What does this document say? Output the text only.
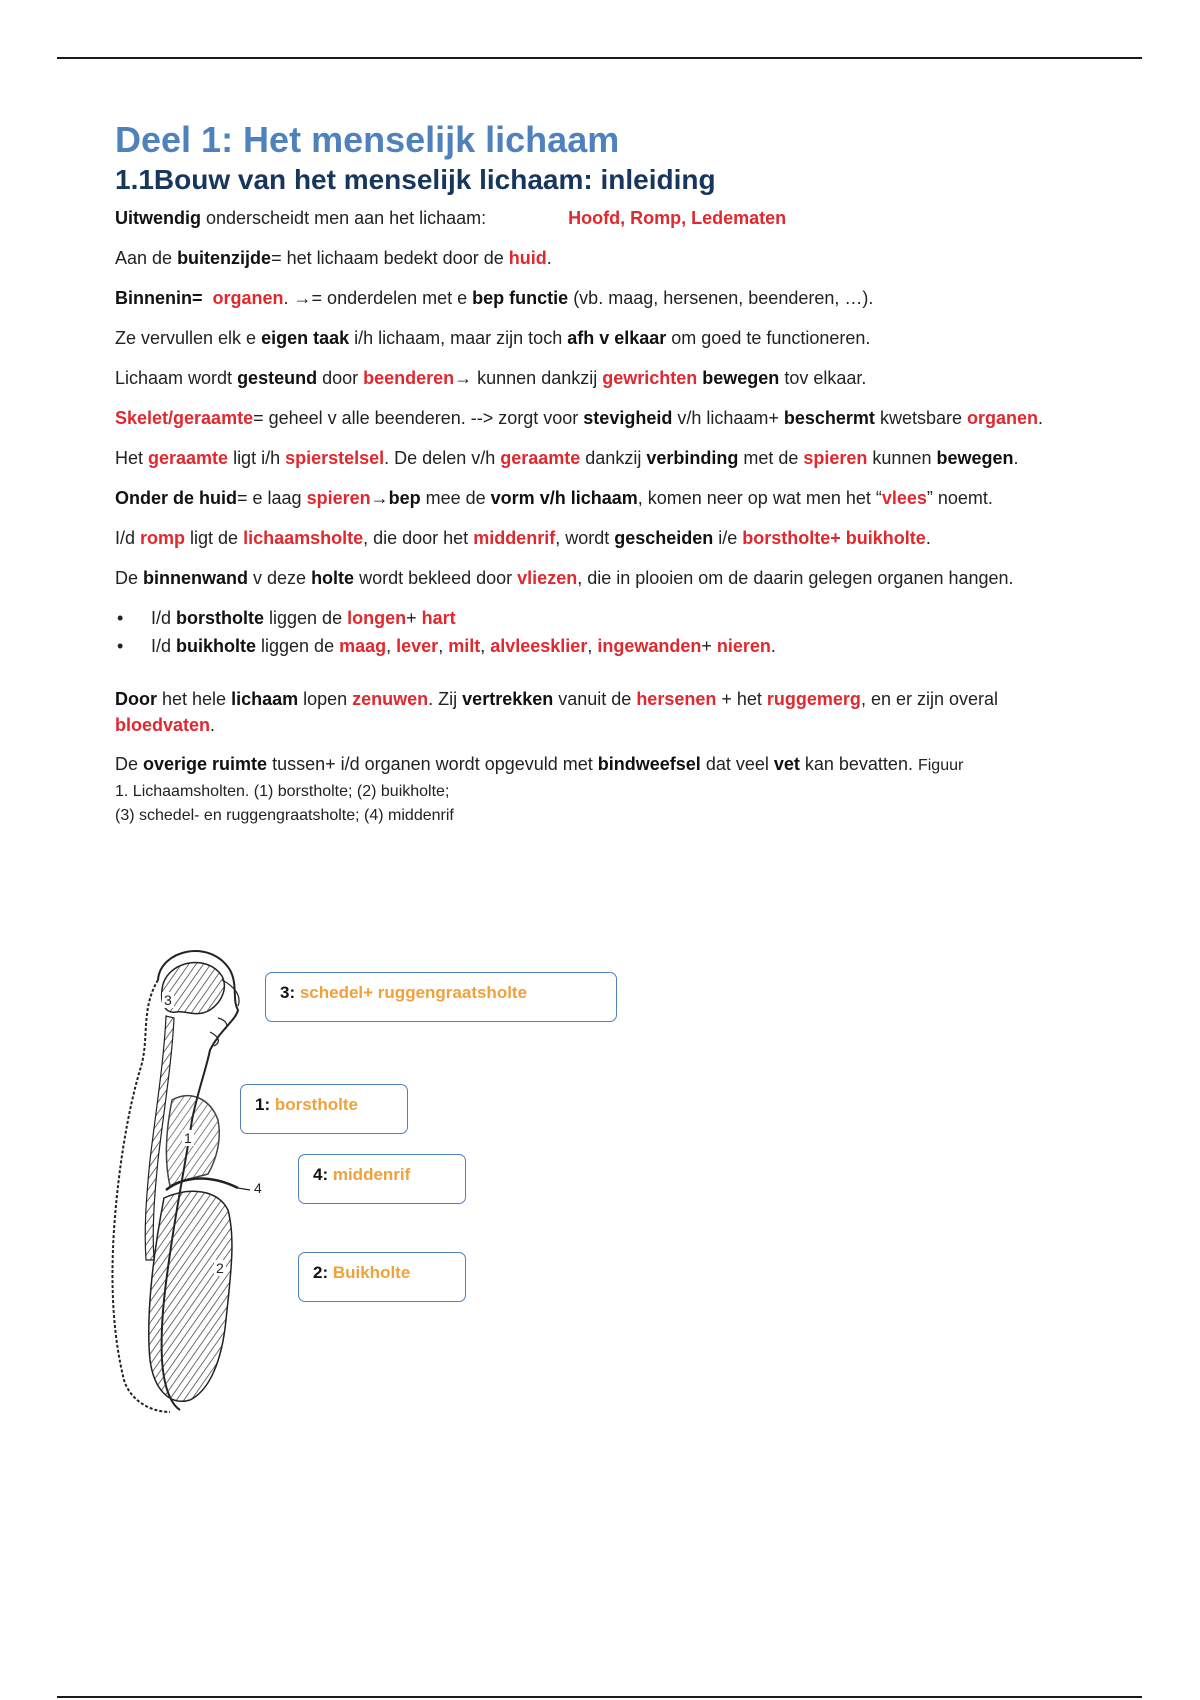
Deel 1: Het menselijk lichaam
1.1Bouw van het menselijk lichaam: inleiding

Uitwendig onderscheidt men aan het lichaam:	Hoofd, Romp, Ledematen

Aan de buitenzijde= het lichaam bedekt door de huid.

Binnenin= organen. →= onderdelen met e bep functie (vb. maag, hersenen, beenderen, …).

Ze vervullen elk e eigen taak i/h lichaam, maar zijn toch afh v elkaar om goed te functioneren.

Lichaam wordt gesteund door beenderen→ kunnen dankzij gewrichten bewegen tov elkaar.

Skelet/geraamte= geheel v alle beenderen. --> zorgt voor stevigheid v/h lichaam+ beschermt kwetsbare organen.

Het geraamte ligt i/h spierstelsel. De delen v/h geraamte dankzij verbinding met de spieren kunnen bewegen.

Onder de huid= e laag spieren→bep mee de vorm v/h lichaam, komen neer op wat men het “vlees” noemt.

I/d romp ligt de lichaamsholte, die door het middenrif, wordt gescheiden i/e borstholte+ buikholte.

De binnenwand v deze holte wordt bekleed door vliezen, die in plooien om de daarin gelegen organen hangen.

• I/d borstholte liggen de longen+ hart
• I/d buikholte liggen de maag, lever, milt, alvleesklier, ingewanden+ nieren.

Door het hele lichaam lopen zenuwen. Zij vertrekken vanuit de hersenen + het ruggemerg, en er zijn overal bloedvaten.

De overige ruimte tussen+ i/d organen wordt opgevuld met bindweefsel dat veel vet kan bevatten. Figuur

1. Lichaamsholten. (1) borstholte; (2) buikholte;

(3) schedel- en ruggengraatsholte; (4) middenrif

3
1
4
2
3: schedel+ ruggengraatsholte
1: borstholte
4: middenrif
2: Buikholte
